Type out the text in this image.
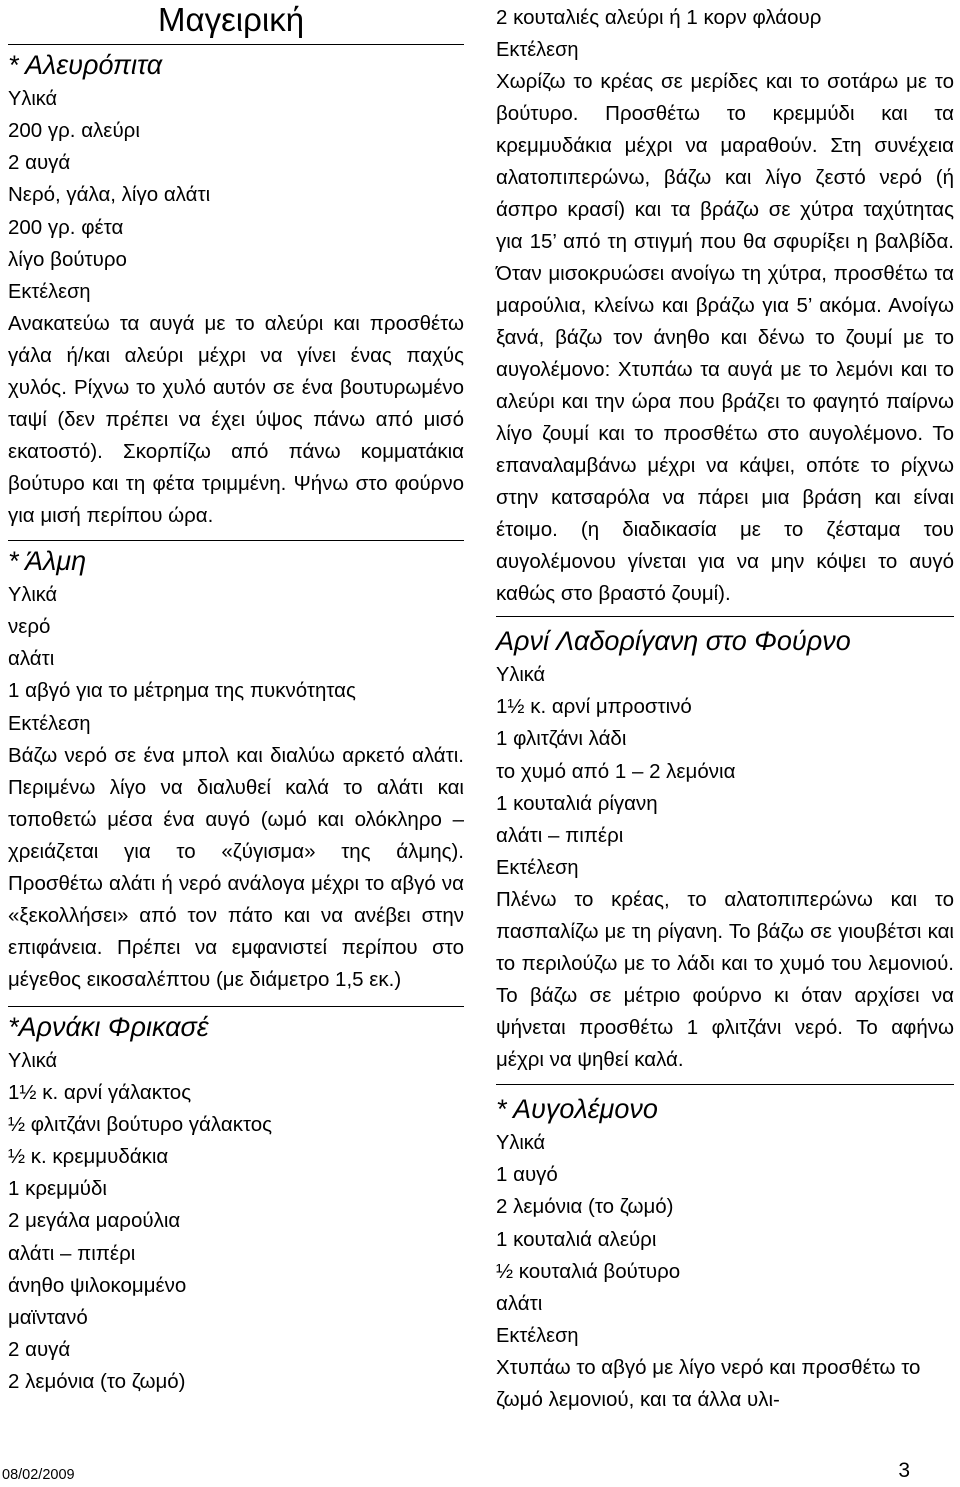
Μαγειρική
* Αλευρόπιτα

Υλικά

200 γρ. αλεύρι
2 αυγά
Νερό, γάλα, λίγο αλάτι
200 γρ. φέτα
λίγο βούτυρο

Εκτέλεση

Ανακατεύω τα αυγά με το αλεύρι και προσθέτω γάλα ή/και αλεύρι μέχρι να γίνει ένας παχύς χυλός. Ρίχνω το χυλό αυτόν σε ένα βουτυρωμένο ταψί (δεν πρέπει να έχει ύψος πάνω από μισό εκατοστό). Σκορπίζω από πάνω κομματάκια βούτυρο και τη φέτα τριμμένη. Ψήνω στο φούρνο για μισή περίπου ώρα.

* Άλμη

Υλικά

νερό
αλάτι
1 αβγό για το μέτρημα της πυκνότητας

Εκτέλεση

Βάζω νερό σε ένα μπολ και διαλύω αρκετό αλάτι. Περιμένω λίγο να διαλυθεί καλά το αλάτι και τοποθετώ μέσα ένα αυγό (ωμό και ολόκληρο – χρειάζεται για το «ζύγισμα» της άλμης). Προσθέτω αλάτι ή νερό ανάλογα μέχρι το αβγό να «ξεκολλήσει» από τον πάτο και να ανέβει στην επιφάνεια. Πρέπει να εμφανιστεί περίπου στο μέγεθος εικοσαλέπτου (με διάμετρο 1,5 εκ.)

*Αρνάκι Φρικασέ

Υλικά

1½ κ. αρνί γάλακτος
½ φλιτζάνι βούτυρο γάλακτος
½ κ. κρεμμυδάκια
1 κρεμμύδι
2 μεγάλα μαρούλια
αλάτι – πιπέρι
άνηθο ψιλοκομμένο
μαϊντανό
2 αυγά
2 λεμόνια (το ζωμό)
2 κουταλιές αλεύρι ή 1 κορν φλάουρ

Εκτέλεση

Χωρίζω το κρέας σε μερίδες και το σοτάρω με το βούτυρο. Προσθέτω το κρεμμύδι και τα κρεμμυδάκια μέχρι να μαραθούν. Στη συνέχεια αλατοπιπερώνω, βάζω και λίγο ζεστό νερό (ή άσπρο κρασί) και τα βράζω σε χύτρα ταχύτητας για 15’ από τη στιγμή που θα σφυρίξει η βαλβίδα. Όταν μισοκρυώσει ανοίγω τη χύτρα, προσθέτω τα μαρούλια, κλείνω και βράζω για 5’ ακόμα. Ανοίγω ξανά, βάζω τον άνηθο και δένω το ζουμί με το αυγολέμονο: Χτυπάω τα αυγά με το λεμόνι και το αλεύρι και την ώρα που βράζει το φαγητό παίρνω λίγο ζουμί και το προσθέτω στο αυγολέμονο. Το επαναλαμβάνω μέχρι να κάψει, οπότε το ρίχνω στην κατσαρόλα να πάρει μια βράση και είναι έτοιμο. (η διαδικασία με το ζέσταμα του αυγολέμονου γίνεται για να μην κόψει το αυγό καθώς στο βραστό ζουμί).

Αρνί Λαδορίγανη στο Φούρνο

Υλικά

1½ κ. αρνί μπροστινό
1 φλιτζάνι λάδι
το χυμό από 1 – 2 λεμόνια
1 κουταλιά ρίγανη
αλάτι – πιπέρι

Εκτέλεση

Πλένω το κρέας, το αλατοπιπερώνω και το πασπαλίζω με τη ρίγανη. Το βάζω σε γιουβέτσι και το περιλούζω με το λάδι και το χυμό του λεμονιού. Το βάζω σε μέτριο φούρνο κι όταν αρχίσει να ψήνεται προσθέτω 1 φλιτζάνι νερό. Το αφήνω μέχρι να ψηθεί καλά.

* Αυγολέμονο

Υλικά

1 αυγό
2 λεμόνια (το ζωμό)
1 κουταλιά αλεύρι
½ κουταλιά βούτυρο
αλάτι

Εκτέλεση

Χτυπάω το αβγό με λίγο νερό και προσθέτω το ζωμό λεμονιού, και τα άλλα υλι-

08/02/2009	3
